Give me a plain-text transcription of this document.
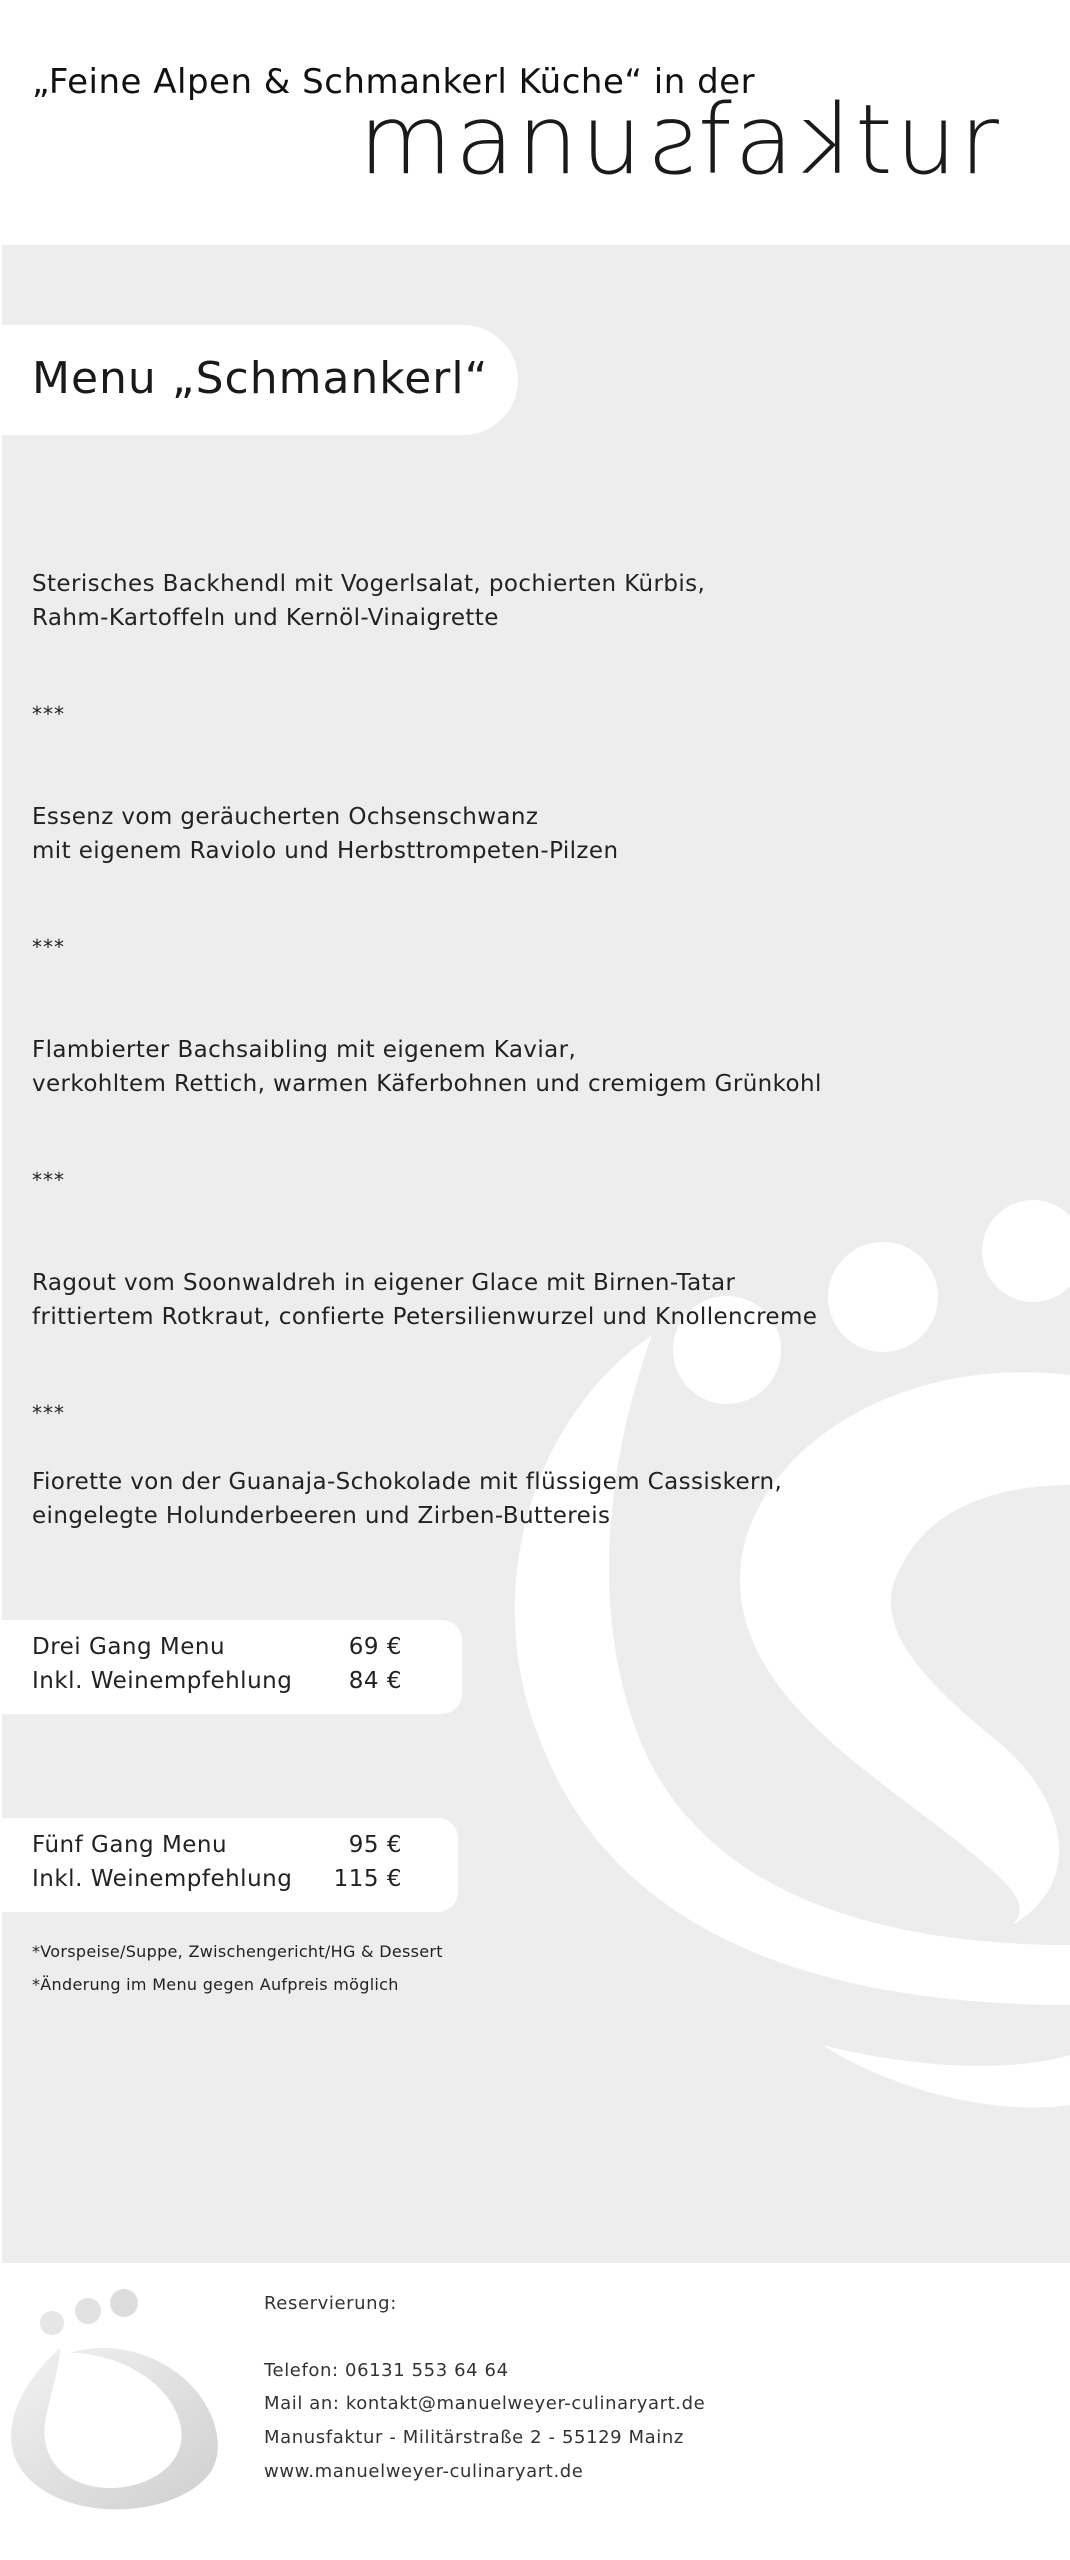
„Feine Alpen & Schmankerl Küche“ in der
manusfaktur
Menu „Schmankerl“
Sterisches Backhendl mit Vogerlsalat, pochierten Kürbis,
Rahm-Kartoffeln und Kernöl-Vinaigrette
***
Essenz vom geräucherten Ochsenschwanz
mit eigenem Raviolo und Herbsttrompeten-Pilzen
***
Flambierter Bachsaibling mit eigenem Kaviar,
verkohltem Rettich, warmen Käferbohnen und cremigem Grünkohl
***
Ragout vom Soonwaldreh in eigener Glace mit Birnen-Tatar
frittiertem Rotkraut, confierte Petersilienwurzel und Knollencreme
***
Fiorette von der Guanaja-Schokolade mit flüssigem Cassiskern,
eingelegte Holunderbeeren und Zirben-Buttereis
Drei Gang Menu	69 €
Inkl. Weinempfehlung 84 €
Fünf Gang Menu	95 €
Inkl. Weinempfehlung 115 €
*Vorspeise/Suppe, Zwischengericht/HG & Dessert
*Änderung im Menu gegen Aufpreis möglich
Reservierung:
Telefon: 06131 553 64 64
Mail an: kontakt@manuelweyer-culinaryart.de
Manusfaktur - Militärstraße 2 - 55129 Mainz
www.manuelweyer-culinaryart.de
